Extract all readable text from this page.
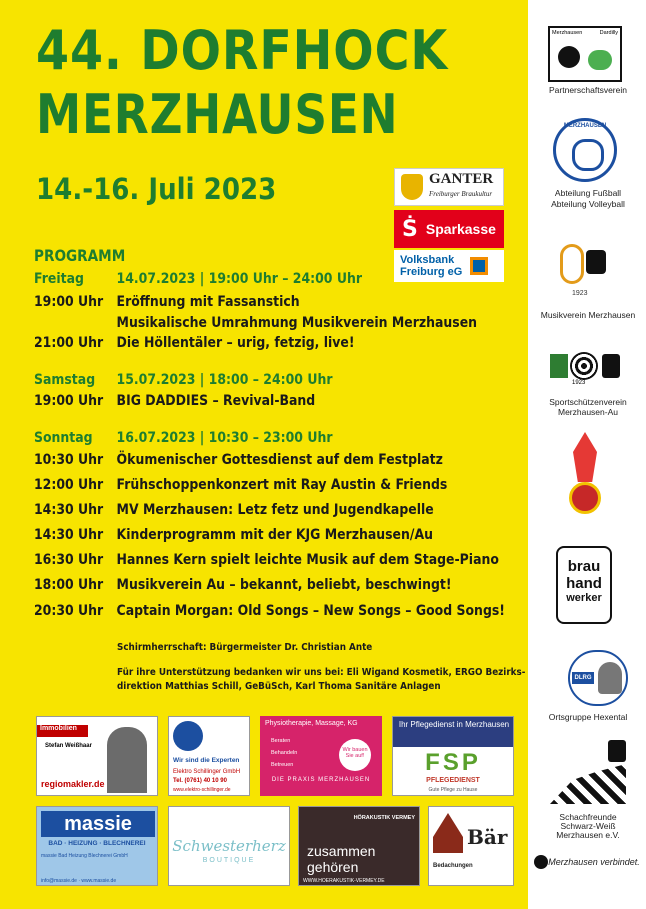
44. DORFHOCK
MERZHAUSEN
14.-16. Juli 2023	GANTER
Freiburger Braukultur
Ṡ Sparkasse
Volksbank
Freiburg eG
PROGRAMM
Freitag 14.07.2023 | 19:00 Uhr – 24:00 Uhr
19:00 Uhr Eröffnung mit Fassanstich
Musikalische Umrahmung Musikverein Merzhausen
21:00 Uhr Die Höllentäler – urig, fetzig, live!
Samstag 15.07.2023 | 18:00 – 24:00 Uhr
19:00 Uhr BIG DADDIES – Revival-Band
Sonntag 16.07.2023 | 10:30 – 23:00 Uhr
10:30 Uhr Ökumenischer Gottesdienst auf dem Festplatz
12:00 Uhr Frühschoppenkonzert mit Ray Austin & Friends
14:30 Uhr MV Merzhausen: Letz fetz und Jugendkapelle
14:30 Uhr Kinderprogramm mit der KJG Merzhausen/Au
16:30 Uhr Hannes Kern spielt leichte Musik auf dem Stage-Piano
18:00 Uhr Musikverein Au – bekannt, beliebt, beschwingt!
20:30 Uhr Captain Morgan: Old Songs – New Songs – Good Songs!
Schirmherrschaft: Bürgermeister Dr. Christian Ante
Für ihre Unterstützung bedanken wir uns bei: Eli Wigand Kosmetik, ERGO Bezirks-
direktion Matthias Schill, GeBüSch, Karl Thoma Sanitäre Anlagen
Immobilien
Stefan Weißhaar
regiomakler.de
Wir sind die Experten
Elektro Schillinger GmbH
Tel. (0761) 40 10 90
www.elektro-schillinger.de
Physiotherapie, Massage, KG
Beraten
Behandeln
Betreuen
Wir bauen Sie auf!
DIE PRAXIS MERZHAUSEN
Ihr Pflegedienst in Merzhausen
FSP
PFLEGEDIENST
Gute Pflege zu Hause
massie
BAD · HEIZUNG · BLECHNEREI
massie Bad Heizung Blechnerei GmbH
info@massie.de · www.massie.de
Schwesterherz
BOUTIQUE
HÖRAKUSTIK VERMEY
zusammen
gehören
WWW.HOERAKUSTIK-VERMEY.DE
Bär
Bedachungen
Merzhausen	Dardilly
Partnerschaftsverein
MERZHAUSEN
Abteilung Fußball
Abteilung Volleyball
1923
Musikverein Merzhausen
1923
Sportschützenverein
Merzhausen-Au
brau
hand
werker
DLRG
Ortsgruppe Hexental
Schachfreunde
Schwarz-Weiß
Merzhausen e.V.
Merzhausen verbindet.
